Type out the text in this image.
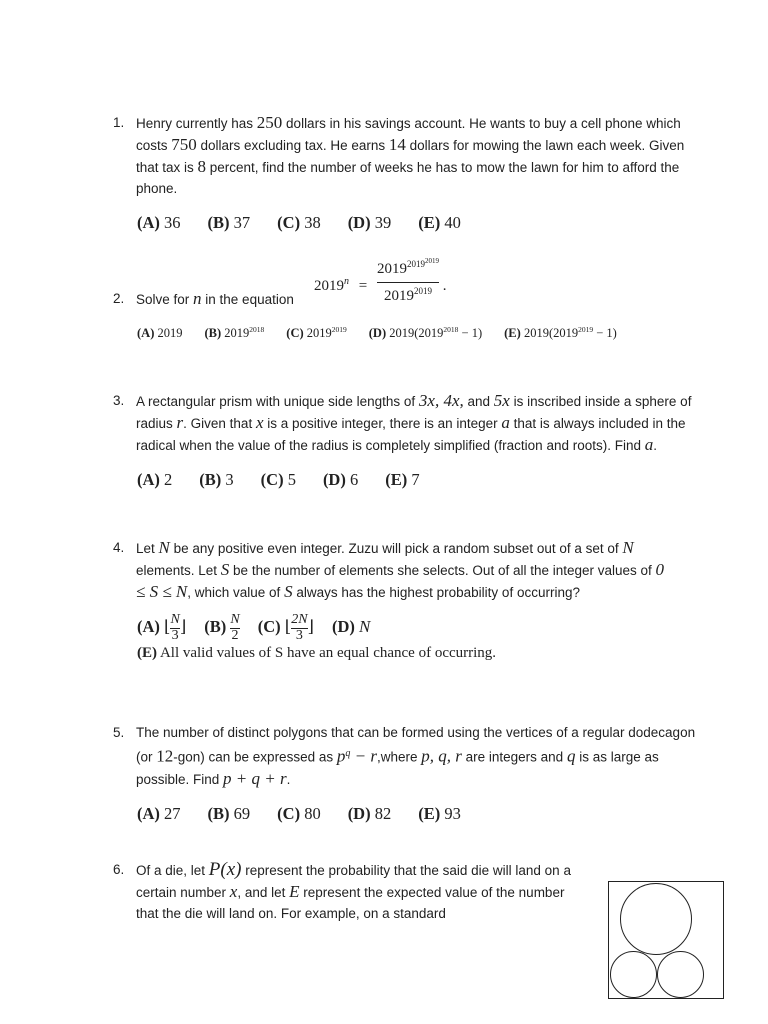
1. Henry currently has 250 dollars in his savings account. He wants to buy a cell phone which costs 750 dollars excluding tax. He earns 14 dollars for mowing the lawn each week. Given that tax is 8 percent, find the number of weeks he has to mow the lawn for him to afford the phone.
(A) 36 (B) 37 (C) 38 (D) 39 (E) 40
$2019^n = \frac{2019^{2019^{2019}}}{2019^{2019}}$ .
2. Solve for n in the equation
(A) 2019 (B) $2019^{2018}$ (C) $2019^{2019}$ (D) $2019(2019^{2018} - 1)$ (E) $2019(2019^{2019} - 1)$
3. A rectangular prism with unique side lengths of 3x, 4x, and 5x is inscribed inside a sphere of radius r. Given that x is a positive integer, there is an integer a that is always included in the radical when the value of the radius is completely simplified (fraction and roots). Find a.
(A) 2 (B) 3 (C) 5 (D) 6 (E) 7
4. Let N be any positive even integer. Zuzu will pick a random subset out of a set of N elements. Let S be the number of elements she selects. Out of all the integer values of 0 ≤ S ≤ N, which value of S always has the highest probability of occurring?
(A) ⌊ $\frac{N}{3}$ ⌋ $(B) \frac{N}{2} (C)$ ⌊ $\frac{2N}{3}$ ⌋ (D) N
(E) All valid values of S have an equal chance of occurring.
5. The number of distinct polygons that can be formed using the vertices of a regular dodecagon (or 12-gon) can be expressed as $p^q$ − r,where p, q, r are integers and q is as large as possible. Find p + q + r.
(A) 27 (B) 69 (C) 80 (D) 82 (E) 93
6. Of a die, let P(x) represent the probability that the said die will land on a certain number x, and let E represent the expected value of the number that the die will land on. For example, on a standard
